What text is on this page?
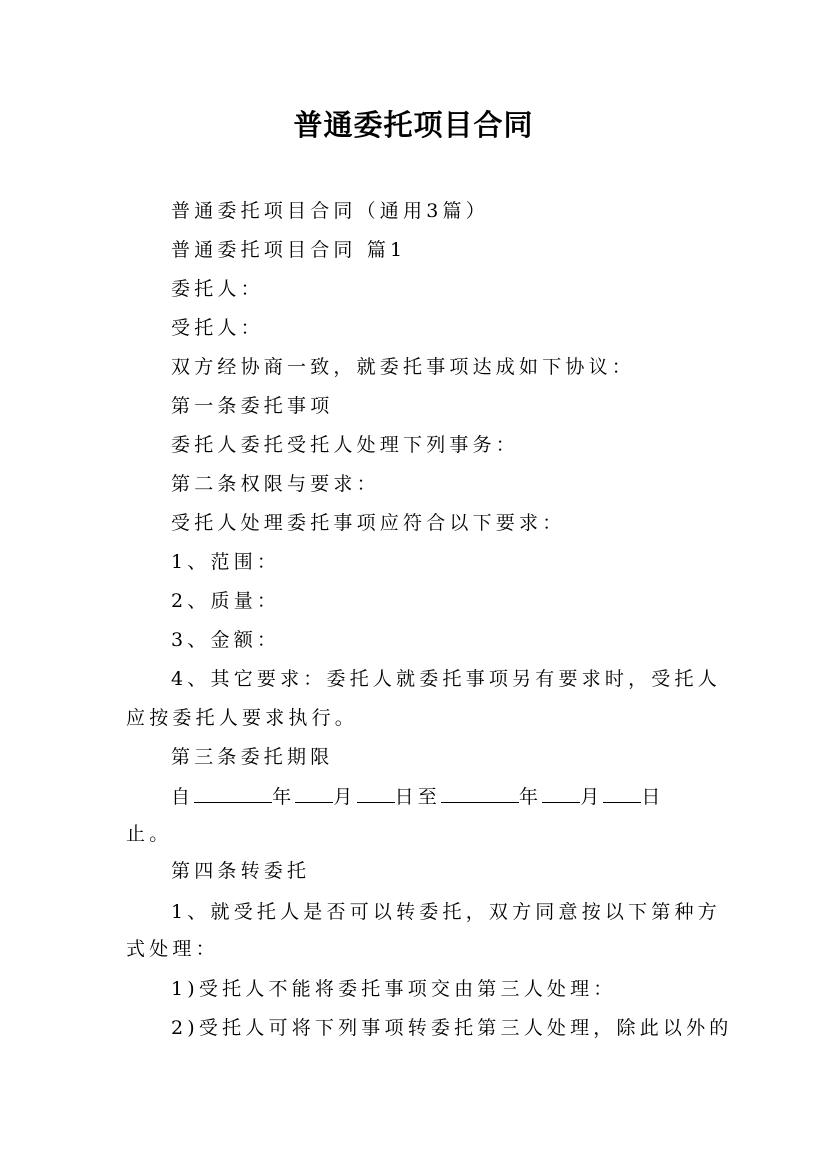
普通委托项目合同
普通委托项目合同（通用3篇）
普通委托项目合同 篇1
委托人：
受托人：
双方经协商一致，就委托事项达成如下协议：
第一条委托事项
委托人委托受托人处理下列事务：
第二条权限与要求：
受托人处理委托事项应符合以下要求：
1、范围：
2、质量：
3、金额：
4、其它要求：委托人就委托事项另有要求时，受托人
应按委托人要求执行。
第三条委托期限
自	年 月 日至	年 月 日
止。
第四条转委托
1、就受托人是否可以转委托，双方同意按以下第种方
式处理：
1)受托人不能将委托事项交由第三人处理：
2)受托人可将下列事项转委托第三人处理，除此以外的
